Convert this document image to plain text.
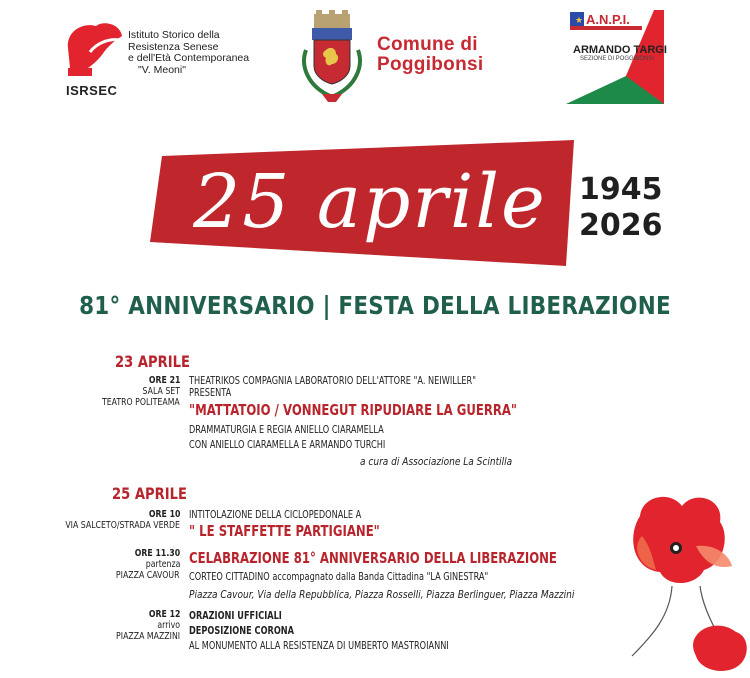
Istituto Storico della
Resistenza Senese
e dell'Età Contemporanea
"V. Meoni"
ISRSEC
Comune di
Poggibonsi
★ A.N.P.I.
ARMANDO TARGI
SEZIONE DI POGGIBONSI
25 aprile	1945
2026
81° ANNIVERSARIO | FESTA DELLA LIBERAZIONE
23 APRILE
ORE 21
SALA SET
TEATRO POLITEAMA
THEATRIKOS COMPAGNIA LABORATORIO DELL'ATTORE "A. NEIWILLER"
PRESENTA
"MATTATOIO / VONNEGUT RIPUDIARE LA GUERRA"
DRAMMATURGIA E REGIA ANIELLO CIARAMELLA
CON ANIELLO CIARAMELLA E ARMANDO TURCHI
a cura di Associazione La Scintilla
25 APRILE
ORE 10
VIA SALCETO/STRADA VERDE
INTITOLAZIONE DELLA CICLOPEDONALE A
" LE STAFFETTE PARTIGIANE"
ORE 11.30
partenza
PIAZZA CAVOUR
CELABRAZIONE 81° ANNIVERSARIO DELLA LIBERAZIONE
CORTEO CITTADINO accompagnato dalla Banda Cittadina "LA GINESTRA"
Piazza Cavour, Via della Repubblica, Piazza Rosselli, Piazza Berlinguer, Piazza Mazzini
ORE 12
arrivo
PIAZZA MAZZINI
ORAZIONI UFFICIALI
DEPOSIZIONE CORONA
AL MONUMENTO ALLA RESISTENZA DI UMBERTO MASTROIANNI
